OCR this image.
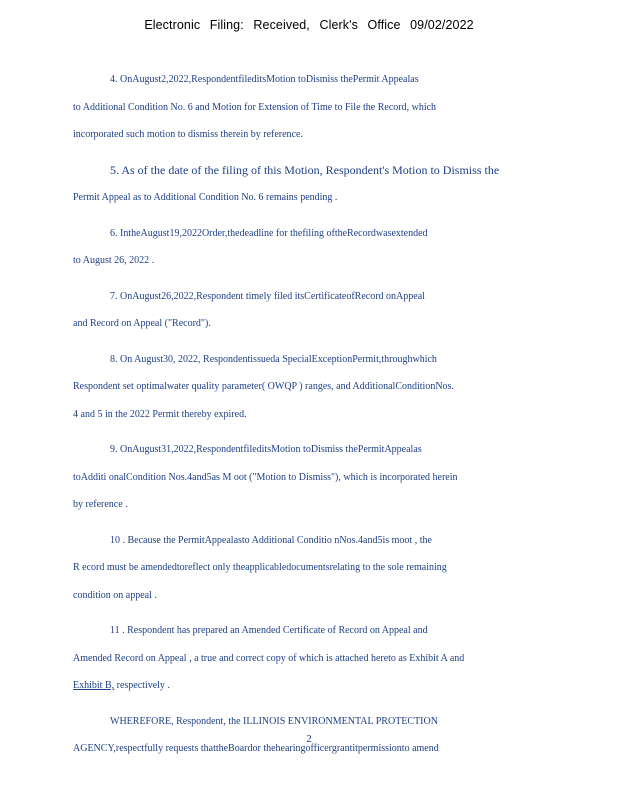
Electronic Filing: Received, Clerk's Office 09/02/2022
4. OnAugust2,2022,RespondentfileditsMotion toDismiss thePermit Appealas
to Additional Condition No. 6 and Motion for Extension of Time to File the Record, which
incorporated such motion to dismiss therein by reference.
5. As of the date of the filing of this Motion, Respondent's Motion to Dismiss the
Permit Appeal as to Additional Condition No. 6 remains pending .
6. IntheAugust19,2022Order,thedeadline for thefiling oftheRecordwasextended
to August 26, 2022 .
7. OnAugust26,2022,Respondent timely filed itsCertificateofRecord onAppeal
and Record on Appeal ("Record").
8. On August30, 2022, Respondentissueda SpecialExceptionPermit,throughwhich
Respondent set optimalwater quality parameter( OWQP ) ranges, and AdditionalConditionNos.
4 and 5 in the 2022 Permit thereby expired.
9. OnAugust31,2022,RespondentfileditsMotion toDismiss thePermitAppealas
toAdditi onalCondition Nos.4and5as M oot ("Motion to Dismiss"), which is incorporated herein
by reference .
10 . Because the PermitAppealasto Additional Conditio nNos.4and5is moot , the
R ecord must be amendedtoreflect only theapplicabledocumentsrelating to the sole remaining
condition on appeal .
11 . Respondent has prepared an Amended Certificate of Record on Appeal and
Amended Record on Appeal , a true and correct copy of which is attached hereto as Exhibit A and
Exhibit B, respectively .
WHEREFORE, Respondent, the ILLINOIS ENVIRONMENTAL PROTECTION
AGENCY,respectfully requests thattheBoardor thehearingofficergrantitpermissionto amend
2
